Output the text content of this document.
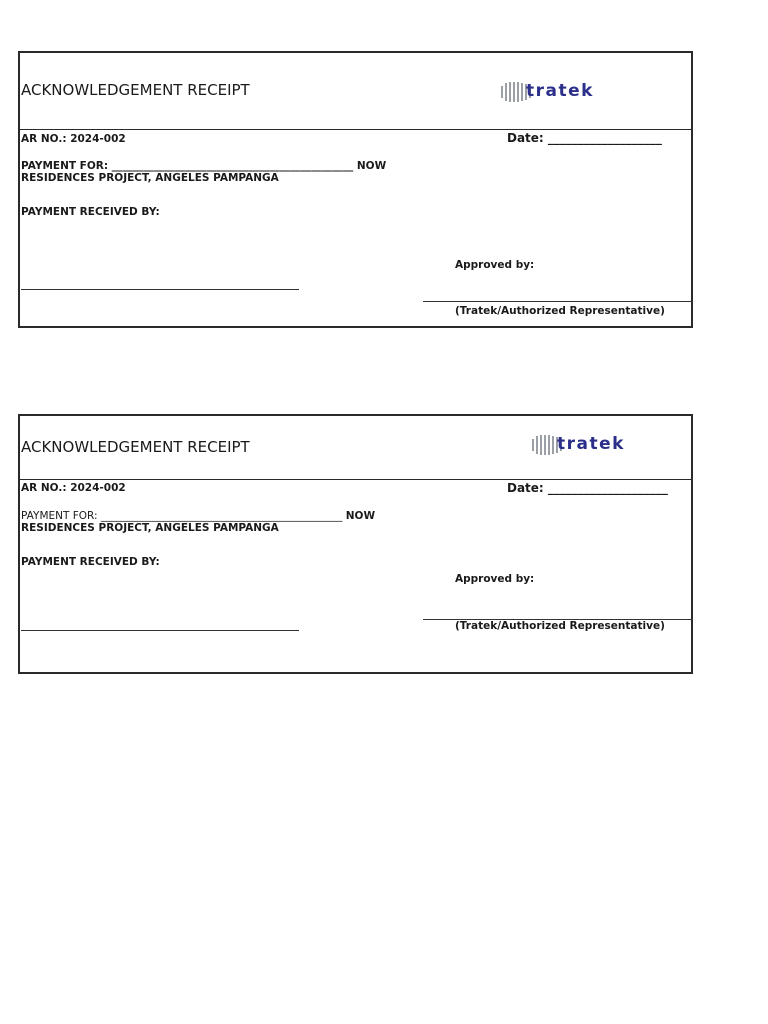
ACKNOWLEDGEMENT RECEIPT	tratek
AR NO.: 2024-002	Date: ___________________
PAYMENT FOR: ______________________________________________ NOW
RESIDENCES PROJECT, ANGELES PAMPANGA
PAYMENT RECEIVED BY:
Approved by:
(Tratek/Authorized Representative)
ACKNOWLEDGEMENT RECEIPT	tratek
AR NO.: 2024-002	Date: ____________________
PAYMENT FOR: ______________________________________________ NOW
RESIDENCES PROJECT, ANGELES PAMPANGA
PAYMENT RECEIVED BY:
Approved by:
(Tratek/Authorized Representative)
